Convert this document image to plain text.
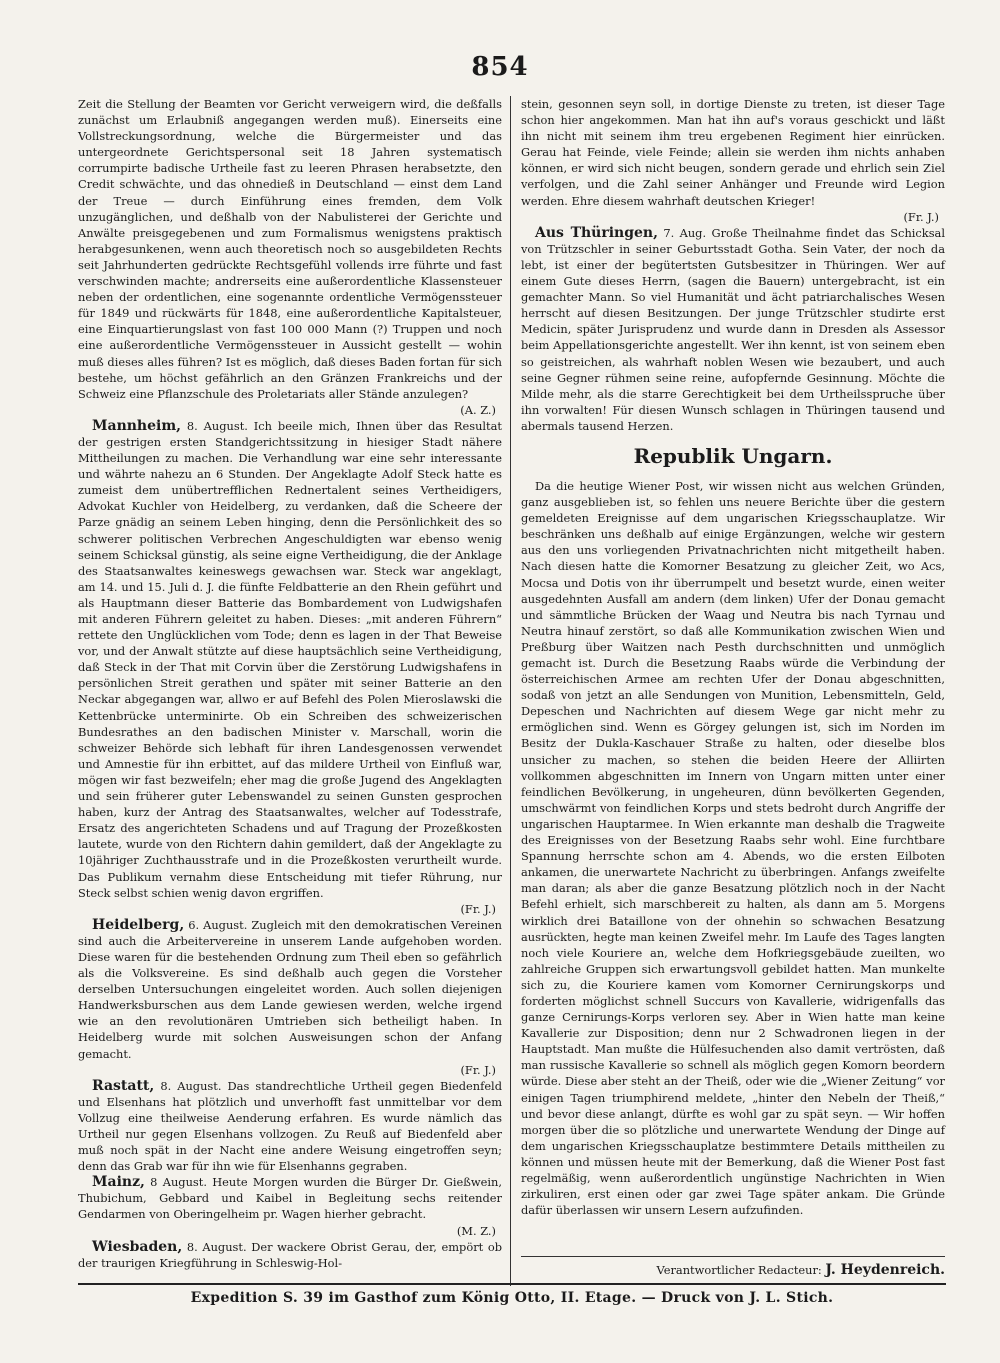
854

Zeit die Stellung der Beamten vor Gericht verweigern wird, die deßfalls zunächst um Erlaubniß angegangen werden muß). Einerseits eine Vollstreckungsordnung, welche die Bürgermeister und das untergeordnete Gerichtspersonal seit 18 Jahren systematisch corrumpirte badische Urtheile fast zu leeren Phrasen herabsetzte, den Credit schwächte, und das ohnedieß in Deutschland — einst dem Land der Treue — durch Einführung eines fremden, dem Volk unzugänglichen, und deßhalb von der Nabulisterei der Gerichte und Anwälte preisgegebenen und zum Formalismus wenigstens praktisch herabgesunkenen, wenn auch theoretisch noch so ausgebildeten Rechts seit Jahrhunderten gedrückte Rechtsgefühl vollends irre führte und fast verschwinden machte; andrerseits eine außerordentliche Klassensteuer neben der ordentlichen, eine sogenannte ordentliche Vermögenssteuer für 1849 und rückwärts für 1848, eine außerordentliche Kapitalsteuer, eine Einquartierungslast von fast 100 000 Mann (?) Truppen und noch eine außerordentliche Vermögenssteuer in Aussicht gestellt — wohin muß dieses alles führen? Ist es möglich, daß dieses Baden fortan für sich bestehe, um höchst gefährlich an den Gränzen Frankreichs und der Schweiz eine Pflanzschule des Proletariats aller Stände anzulegen?

(A. Z.)

Mannheim, 8. August. Ich beeile mich, Ihnen über das Resultat der gestrigen ersten Standgerichtssitzung in hiesiger Stadt nähere Mittheilungen zu machen. Die Verhandlung war eine sehr interessante und währte nahezu an 6 Stunden. Der Angeklagte Adolf Steck hatte es zumeist dem unübertrefflichen Rednertalent seines Vertheidigers, Advokat Kuchler von Heidelberg, zu verdanken, daß die Scheere der Parze gnädig an seinem Leben hinging, denn die Persönlichkeit des so schwerer politischen Verbrechen Angeschuldigten war ebenso wenig seinem Schicksal günstig, als seine eigne Vertheidigung, die der Anklage des Staatsanwaltes keineswegs gewachsen war. Steck war angeklagt, am 14. und 15. Juli d. J. die fünfte Feldbatterie an den Rhein geführt und als Hauptmann dieser Batterie das Bombardement von Ludwigshafen mit anderen Führern geleitet zu haben. Dieses: „mit anderen Führern“ rettete den Unglücklichen vom Tode; denn es lagen in der That Beweise vor, und der Anwalt stützte auf diese hauptsächlich seine Vertheidigung, daß Steck in der That mit Corvin über die Zerstörung Ludwigshafens in persönlichen Streit gerathen und später mit seiner Batterie an den Neckar abgegangen war, allwo er auf Befehl des Polen Mieroslawski die Kettenbrücke unterminirte. Ob ein Schreiben des schweizerischen Bundesrathes an den badischen Minister v. Marschall, worin die schweizer Behörde sich lebhaft für ihren Landesgenossen verwendet und Amnestie für ihn erbittet, auf das mildere Urtheil von Einfluß war, mögen wir fast bezweifeln; eher mag die große Jugend des Angeklagten und sein früherer guter Lebenswandel zu seinen Gunsten gesprochen haben, kurz der Antrag des Staatsanwaltes, welcher auf Todesstrafe, Ersatz des angerichteten Schadens und auf Tragung der Prozeßkosten lautete, wurde von den Richtern dahin gemildert, daß der Angeklagte zu 10jähriger Zuchthausstrafe und in die Prozeßkosten verurtheilt wurde. Das Publikum vernahm diese Entscheidung mit tiefer Rührung, nur Steck selbst schien wenig davon ergriffen.

(Fr. J.)

Heidelberg, 6. August. Zugleich mit den demokratischen Vereinen sind auch die Arbeitervereine in unserem Lande aufgehoben worden. Diese waren für die bestehenden Ordnung zum Theil eben so gefährlich als die Volksvereine. Es sind deßhalb auch gegen die Vorsteher derselben Untersuchungen eingeleitet worden. Auch sollen diejenigen Handwerksburschen aus dem Lande gewiesen werden, welche irgend wie an den revolutionären Umtrieben sich betheiligt haben. In Heidelberg wurde mit solchen Ausweisungen schon der Anfang gemacht.

(Fr. J.)

Rastatt, 8. August. Das standrechtliche Urtheil gegen Biedenfeld und Elsenhans hat plötzlich und unverhofft fast unmittelbar vor dem Vollzug eine theilweise Aenderung erfahren. Es wurde nämlich das Urtheil nur gegen Elsenhans vollzogen. Zu Reuß auf Biedenfeld aber muß noch spät in der Nacht eine andere Weisung eingetroffen seyn; denn das Grab war für ihn wie für Elsenhanns gegraben.

Mainz, 8 August. Heute Morgen wurden die Bürger Dr. Gießwein, Thubichum, Gebbard und Kaibel in Begleitung sechs reitender Gendarmen von Oberingelheim pr. Wagen hierher gebracht.

(M. Z.)

Wiesbaden, 8. August. Der wackere Obrist Gerau, der, empört ob der traurigen Kriegführung in Schleswig-Hol-

stein, gesonnen seyn soll, in dortige Dienste zu treten, ist dieser Tage schon hier angekommen. Man hat ihn auf's voraus geschickt und läßt ihn nicht mit seinem ihm treu ergebenen Regiment hier einrücken. Gerau hat Feinde, viele Feinde; allein sie werden ihm nichts anhaben können, er wird sich nicht beugen, sondern gerade und ehrlich sein Ziel verfolgen, und die Zahl seiner Anhänger und Freunde wird Legion werden. Ehre diesem wahrhaft deutschen Krieger!

(Fr. J.)

Aus Thüringen, 7. Aug. Große Theilnahme findet das Schicksal von Trützschler in seiner Geburtsstadt Gotha. Sein Vater, der noch da lebt, ist einer der begütertsten Gutsbesitzer in Thüringen. Wer auf einem Gute dieses Herrn, (sagen die Bauern) untergebracht, ist ein gemachter Mann. So viel Humanität und ächt patriarchalisches Wesen herrscht auf diesen Besitzungen. Der junge Trützschler studirte erst Medicin, später Jurisprudenz und wurde dann in Dresden als Assessor beim Appellationsgerichte angestellt. Wer ihn kennt, ist von seinem eben so geistreichen, als wahrhaft noblen Wesen wie bezaubert, und auch seine Gegner rühmen seine reine, aufopfernde Gesinnung. Möchte die Milde mehr, als die starre Gerechtigkeit bei dem Urtheilsspruche über ihn vorwalten! Für diesen Wunsch schlagen in Thüringen tausend und abermals tausend Herzen.

Republik Ungarn.

Da die heutige Wiener Post, wir wissen nicht aus welchen Gründen, ganz ausgeblieben ist, so fehlen uns neuere Berichte über die gestern gemeldeten Ereignisse auf dem ungarischen Kriegsschauplatze. Wir beschränken uns deßhalb auf einige Ergänzungen, welche wir gestern aus den uns vorliegenden Privatnachrichten nicht mitgetheilt haben. Nach diesen hatte die Komorner Besatzung zu gleicher Zeit, wo Acs, Mocsa und Dotis von ihr überrumpelt und besetzt wurde, einen weiter ausgedehnten Ausfall am andern (dem linken) Ufer der Donau gemacht und sämmtliche Brücken der Waag und Neutra bis nach Tyrnau und Neutra hinauf zerstört, so daß alle Kommunikation zwischen Wien und Preßburg über Waitzen nach Pesth durchschnitten und unmöglich gemacht ist. Durch die Besetzung Raabs würde die Verbindung der österreichischen Armee am rechten Ufer der Donau abgeschnitten, sodaß von jetzt an alle Sendungen von Munition, Lebensmitteln, Geld, Depeschen und Nachrichten auf diesem Wege gar nicht mehr zu ermöglichen sind. Wenn es Görgey gelungen ist, sich im Norden im Besitz der Dukla-Kaschauer Straße zu halten, oder dieselbe blos unsicher zu machen, so stehen die beiden Heere der Alliirten vollkommen abgeschnitten im Innern von Ungarn mitten unter einer feindlichen Bevölkerung, in ungeheuren, dünn bevölkerten Gegenden, umschwärmt von feindlichen Korps und stets bedroht durch Angriffe der ungarischen Hauptarmee. In Wien erkannte man deshalb die Tragweite des Ereignisses von der Besetzung Raabs sehr wohl. Eine furchtbare Spannung herrschte schon am 4. Abends, wo die ersten Eilboten ankamen, die unerwartete Nachricht zu überbringen. Anfangs zweifelte man daran; als aber die ganze Besatzung plötzlich noch in der Nacht Befehl erhielt, sich marschbereit zu halten, als dann am 5. Morgens wirklich drei Bataillone von der ohnehin so schwachen Besatzung ausrückten, hegte man keinen Zweifel mehr. Im Laufe des Tages langten noch viele Kouriere an, welche dem Hofkriegsgebäude zueilten, wo zahlreiche Gruppen sich erwartungsvoll gebildet hatten. Man munkelte sich zu, die Kouriere kamen vom Komorner Cernirungskorps und forderten möglichst schnell Succurs von Kavallerie, widrigenfalls das ganze Cernirungs-Korps verloren sey. Aber in Wien hatte man keine Kavallerie zur Disposition; denn nur 2 Schwadronen liegen in der Hauptstadt. Man mußte die Hülfesuchenden also damit vertrösten, daß man russische Kavallerie so schnell als möglich gegen Komorn beordern würde. Diese aber steht an der Theiß, oder wie die „Wiener Zeitung“ vor einigen Tagen triumphirend meldete, „hinter den Nebeln der Theiß,“ und bevor diese anlangt, dürfte es wohl gar zu spät seyn. — Wir hoffen morgen über die so plötzliche und unerwartete Wendung der Dinge auf dem ungarischen Kriegsschauplatze bestimmtere Details mittheilen zu können und müssen heute mit der Bemerkung, daß die Wiener Post fast regelmäßig, wenn außerordentlich ungünstige Nachrichten in Wien zirkuliren, erst einen oder gar zwei Tage später ankam. Die Gründe dafür überlassen wir unsern Lesern aufzufinden.

Verantwortlicher Redacteur: J. Heydenreich.
Expedition S. 39 im Gasthof zum König Otto, II. Etage. — Druck von J. L. Stich.
